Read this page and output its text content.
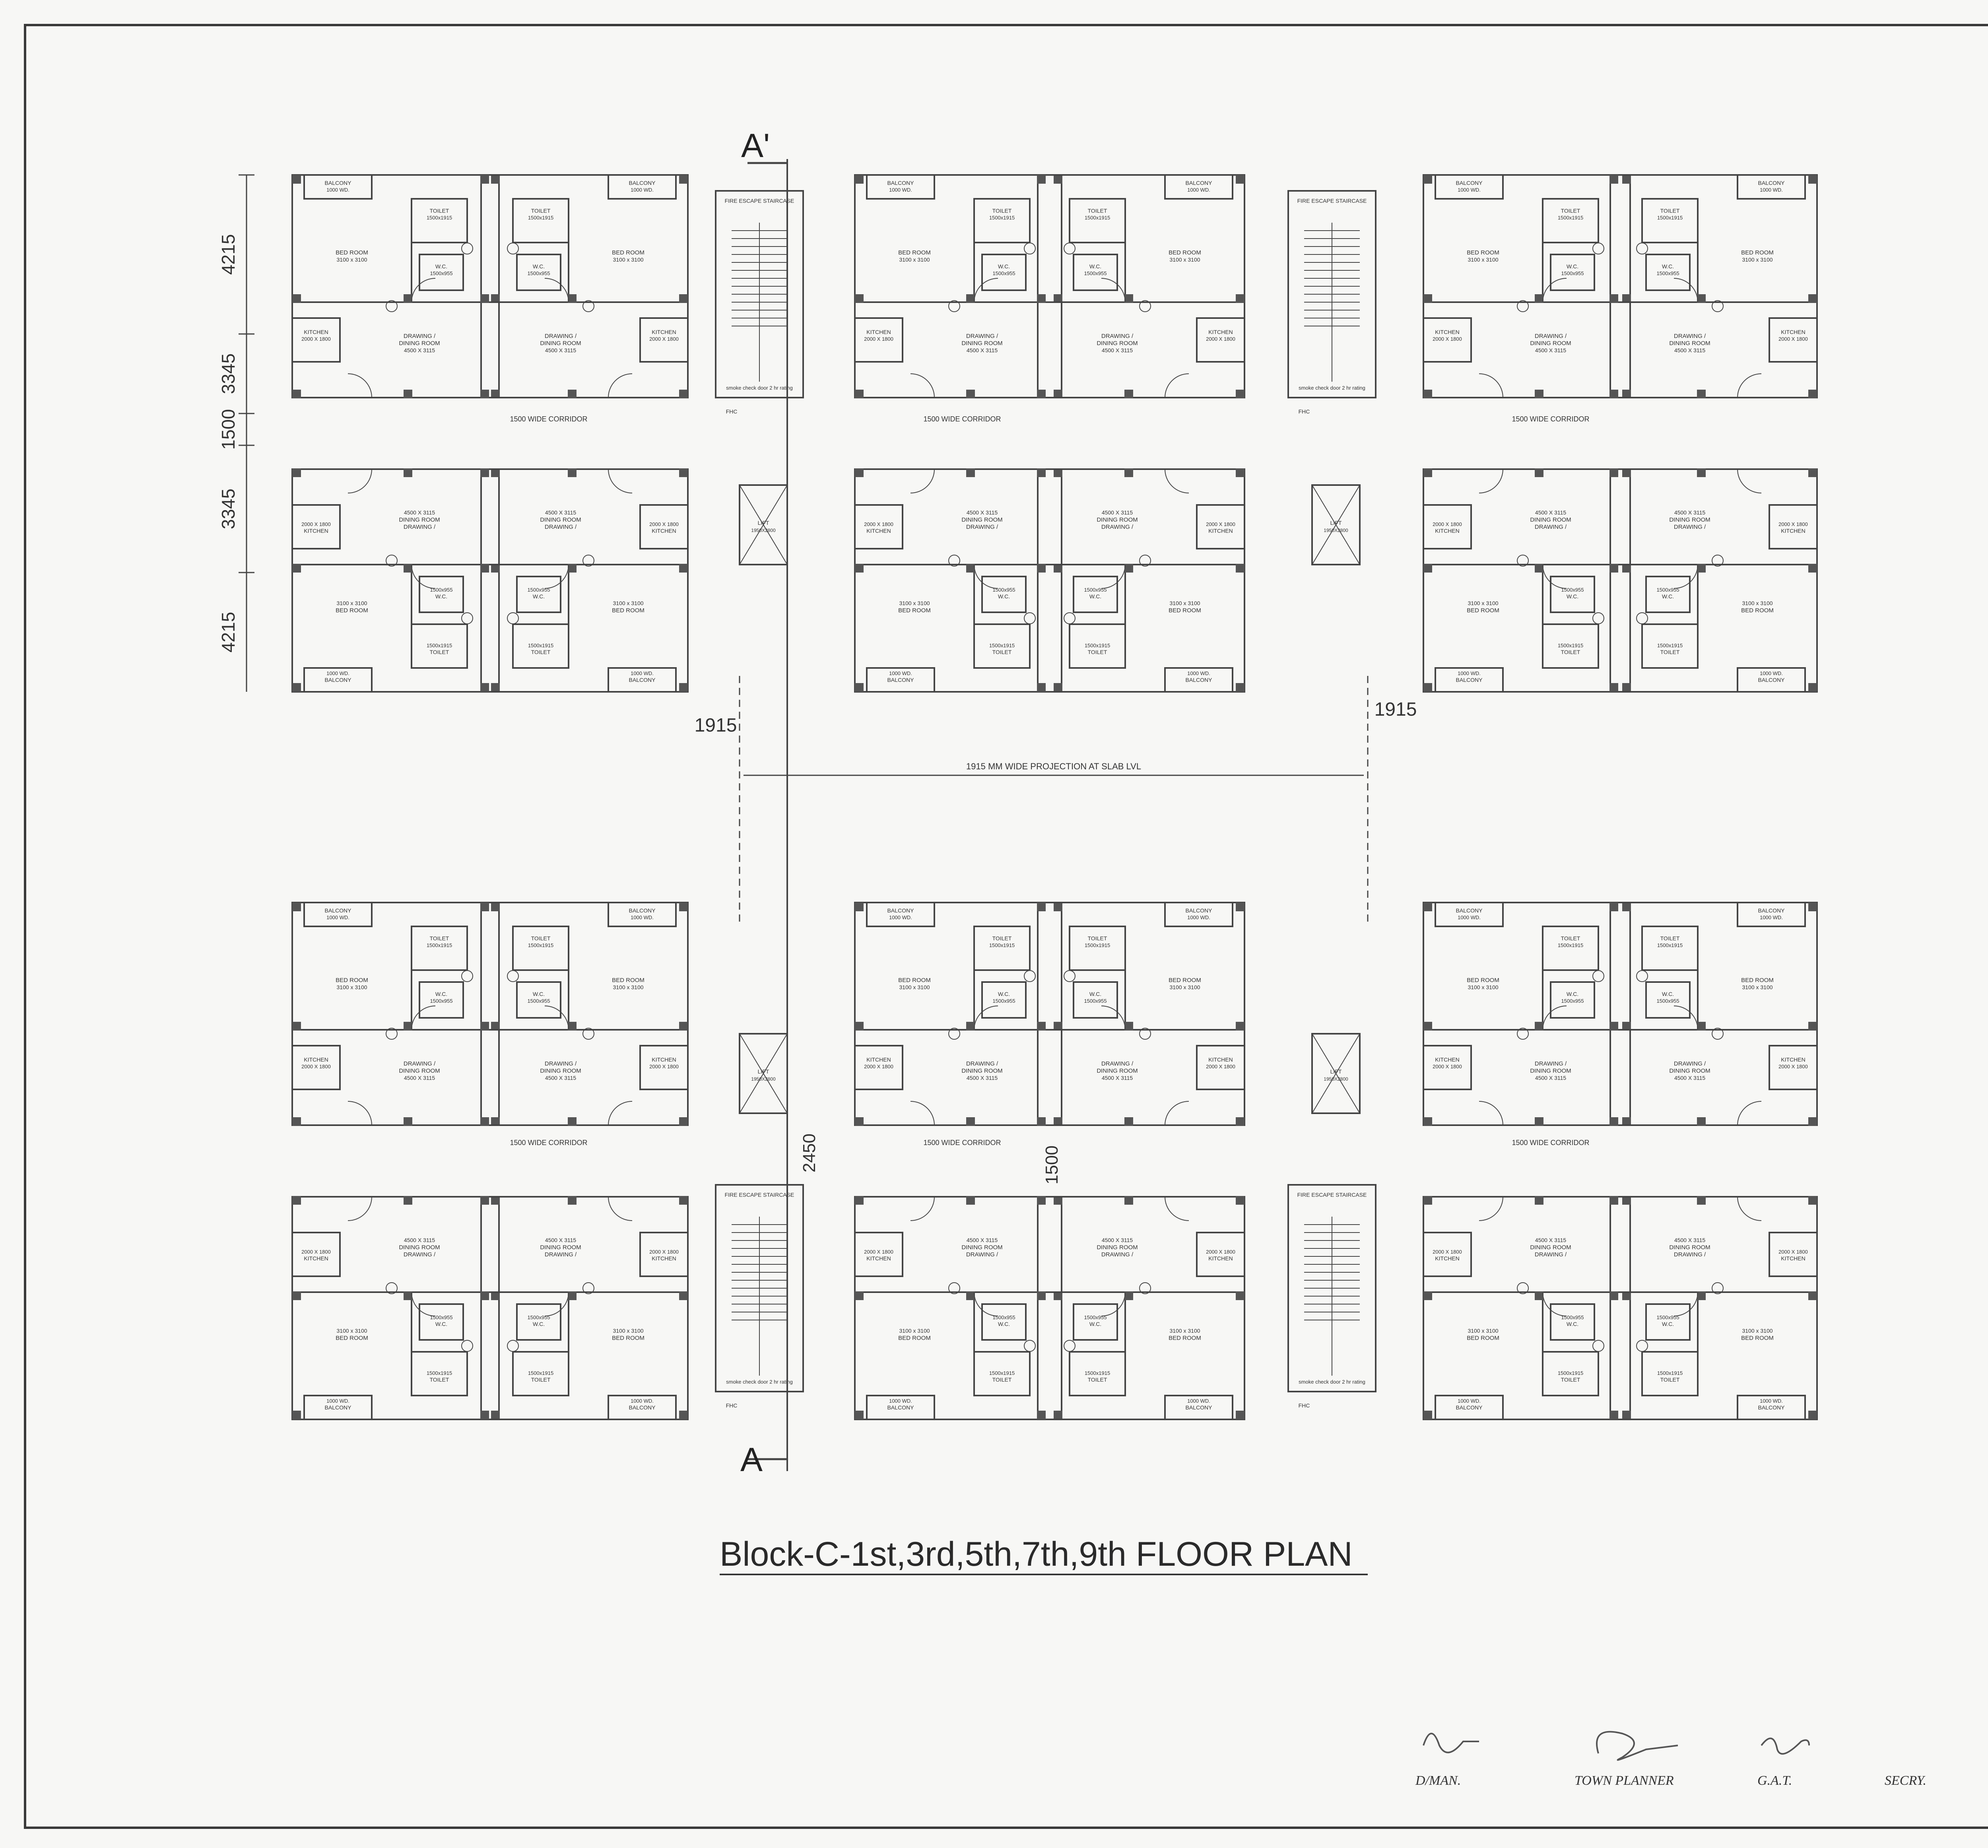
BALCONY
1000 WD.
TOILET
1500x1915
BED ROOM
3100 x 3100
W.C.
1500x955
KITCHEN
2000 X 1800	DRAWING /
DINING ROOM
4500 X 3115
BALCONY
1000 WD.
TOILET
1500x1915
BED ROOM
3100 x 3100
W.C.
1500x955
KITCHEN
2000 X 1800
DRAWING /
DINING ROOM
4500 X 3115
BALCONY
1000 WD.
TOILET
1500x1915
BED ROOM
3100 x 3100
W.C.
1500x955
KITCHEN
2000 X 1800	DRAWING /
DINING ROOM
4500 X 3115
BALCONY
1000 WD.
TOILET
1500x1915
BED ROOM
3100 x 3100
W.C.
1500x955
KITCHEN
2000 X 1800
DRAWING /
DINING ROOM
4500 X 3115
BALCONY
1000 WD.
TOILET
1500x1915
BED ROOM
3100 x 3100
W.C.
1500x955
KITCHEN
2000 X 1800	DRAWING /
DINING ROOM
4500 X 3115
BALCONY
1000 WD.
TOILET
1500x1915
BED ROOM
3100 x 3100
W.C.
1500x955
KITCHEN
2000 X 1800
DRAWING /
DINING ROOM
4500 X 3115
BALCONY
1000 WD.
TOILET
1500x1915
BED ROOM
3100 x 3100
W.C.
1500x955
KITCHEN
2000 X 1800	DRAWING /
DINING ROOM
4500 X 3115
BALCONY
1000 WD.
TOILET
1500x1915
BED ROOM
3100 x 3100
W.C.
1500x955
KITCHEN
2000 X 1800
DRAWING /
DINING ROOM
4500 X 3115
BALCONY
1000 WD.
TOILET
1500x1915
BED ROOM
3100 x 3100
W.C.
1500x955
KITCHEN
2000 X 1800	DRAWING /
DINING ROOM
4500 X 3115
BALCONY
1000 WD.
TOILET
1500x1915
BED ROOM
3100 x 3100
W.C.
1500x955
KITCHEN
2000 X 1800
DRAWING /
DINING ROOM
4500 X 3115
BALCONY
1000 WD.
TOILET
1500x1915
BED ROOM
3100 x 3100
W.C.
1500x955
KITCHEN
2000 X 1800	DRAWING /
DINING ROOM
4500 X 3115
BALCONY
1000 WD.
TOILET
1500x1915
BED ROOM
3100 x 3100
W.C.
1500x955
KITCHEN
2000 X 1800
DRAWING /
DINING ROOM
4500 X 3115
BALCONY
1000 WD.
TOILET
1500x1915
BED ROOM
3100 x 3100
W.C.
1500x955
KITCHEN
2000 X 1800	DRAWING /
DINING ROOM
4500 X 3115
BALCONY
1000 WD.
TOILET
1500x1915
BED ROOM
3100 x 3100
W.C.
1500x955
KITCHEN
2000 X 1800
DRAWING /
DINING ROOM
4500 X 3115
BALCONY
1000 WD.
TOILET
1500x1915
BED ROOM
3100 x 3100
W.C.
1500x955
KITCHEN
2000 X 1800	DRAWING /
DINING ROOM
4500 X 3115
BALCONY
1000 WD.
TOILET
1500x1915
BED ROOM
3100 x 3100
W.C.
1500x955
KITCHEN
2000 X 1800
DRAWING /
DINING ROOM
4500 X 3115
BALCONY
1000 WD.
TOILET
1500x1915
BED ROOM
3100 x 3100
W.C.
1500x955
KITCHEN
2000 X 1800	DRAWING /
DINING ROOM
4500 X 3115
BALCONY
1000 WD.
TOILET
1500x1915
BED ROOM
3100 x 3100
W.C.
1500x955
KITCHEN
2000 X 1800
DRAWING /
DINING ROOM
4500 X 3115
BALCONY
1000 WD.
TOILET
1500x1915
BED ROOM
3100 x 3100
W.C.
1500x955
KITCHEN
2000 X 1800	DRAWING /
DINING ROOM
4500 X 3115
BALCONY
1000 WD.
TOILET
1500x1915
BED ROOM
3100 x 3100
W.C.
1500x955
KITCHEN
2000 X 1800
DRAWING /
DINING ROOM
4500 X 3115
BALCONY
1000 WD.
TOILET
1500x1915
BED ROOM
3100 x 3100
W.C.
1500x955
KITCHEN
2000 X 1800	DRAWING /
DINING ROOM
4500 X 3115
BALCONY
1000 WD.
TOILET
1500x1915
BED ROOM
3100 x 3100
W.C.
1500x955
KITCHEN
2000 X 1800
DRAWING /
DINING ROOM
4500 X 3115
BALCONY
1000 WD.
TOILET
1500x1915
BED ROOM
3100 x 3100
W.C.
1500x955
KITCHEN
2000 X 1800	DRAWING /
DINING ROOM
4500 X 3115
BALCONY
1000 WD.
TOILET
1500x1915
BED ROOM
3100 x 3100
W.C.
1500x955
KITCHEN
2000 X 1800
DRAWING /
DINING ROOM
4500 X 3115
FIRE ESCAPE STAIRCASE
smoke check door 2 hr rating
FHC
FIRE ESCAPE STAIRCASE
smoke check door 2 hr rating
FHC
FIRE ESCAPE STAIRCASE
smoke check door 2 hr rating
FHC
FIRE ESCAPE STAIRCASE
smoke check door 2 hr rating
FHC
LIFT
1950X2800
LIFT
1950X2800
LIFT
1950X2800
LIFT
1950X2800
1500 WIDE CORRIDOR	1500 WIDE CORRIDOR	1500 WIDE CORRIDOR
1500 WIDE CORRIDOR	1500 WIDE CORRIDOR	1500 WIDE CORRIDOR
4215
3345
1500
3345
4215
A'
A
1915 MM WIDE PROJECTION AT SLAB LVL
1915
1915
2450	1500
Block-C-1st,3rd,5th,7th,9th FLOOR PLAN

D/MAN.	TOWN PLANNER	G.A.T.	SECRY.
